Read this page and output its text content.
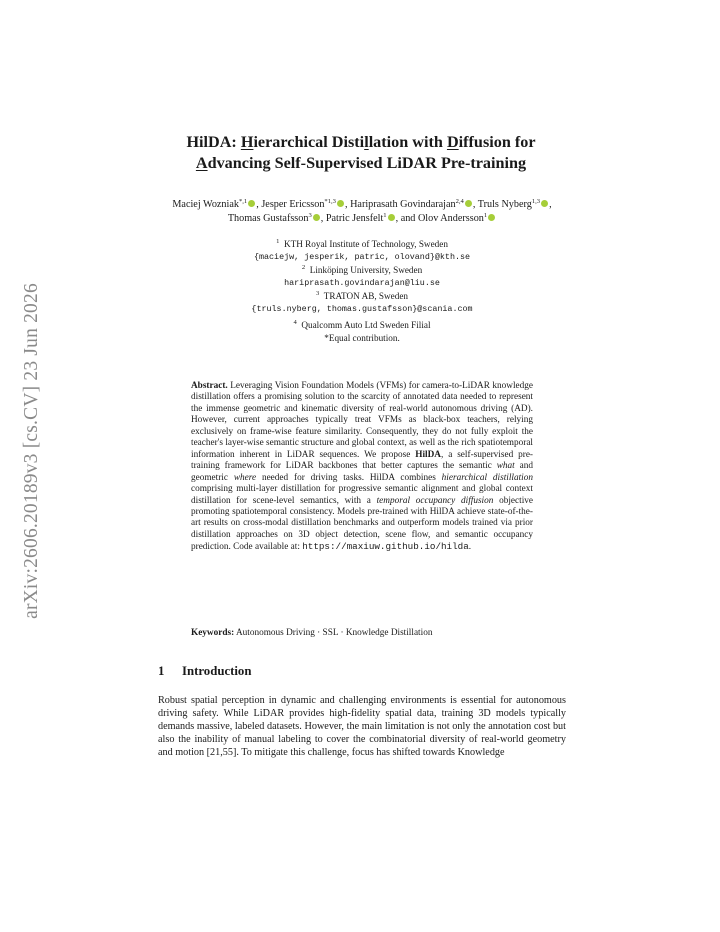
arXiv:2606.20189v3 [cs.CV] 23 Jun 2026
HilDA: Hierarchical Distillation with Diffusion for
Advancing Self-Supervised LiDAR Pre-training
Maciej Wozniak$^{*,1}$ , Jesper Ericsson$^{*1,3}$ , Hariprasath Govindarajan$^{2,4}$ , Truls Nyberg$^{1,3}$ , Thomas Gustafsson$^3$ , Patric Jensfelt$^1$ , and Olov Andersson$^1$
$^1$ KTH Royal Institute of Technology, Sweden
{maciejw, jesperik, patric, olovand}@kth.se
$^2$ Linköping University, Sweden
hariprasath.govindarajan@liu.se
$^3$ TRATON AB, Sweden
{truls.nyberg, thomas.gustafsson}@scania.com
$^4$ Qualcomm Auto Ltd Sweden Filial
*Equal contribution.
Abstract. Leveraging Vision Foundation Models (VFMs) for camera-to-LiDAR knowledge distillation offers a promising solution to the scarcity of annotated data needed to represent the immense geometric and kinematic diversity of real-world autonomous driving (AD). However, current approaches typically treat VFMs as black-box teachers, relying exclusively on frame-wise feature similarity. Consequently, they do not fully exploit the teacher's layer-wise semantic structure and global context, as well as the rich spatiotemporal information inherent in LiDAR sequences. We propose HilDA, a self-supervised pre-training framework for LiDAR backbones that better captures the semantic what and geometric where needed for driving tasks. HilDA combines hierarchical distillation comprising multi-layer distillation for progressive semantic alignment and global context distillation for scene-level semantics, with a temporal occupancy diffusion objective promoting spatiotemporal consistency. Models pre-trained with HilDA achieve state-of-the-art results on cross-modal distillation benchmarks and outperform models trained via prior distillation approaches on 3D object detection, scene flow, and semantic occupancy prediction. Code available at: https://maxiuw.github.io/hilda.
Keywords: Autonomous Driving · SSL · Knowledge Distillation
1 Introduction
Robust spatial perception in dynamic and challenging environments is essential for autonomous driving safety. While LiDAR provides high-fidelity spatial data, training 3D models typically demands massive, labeled datasets. However, the main limitation is not only the annotation cost but also the inability of manual labeling to cover the combinatorial diversity of real-world geometry and motion [21,55]. To mitigate this challenge, focus has shifted towards Knowledge
